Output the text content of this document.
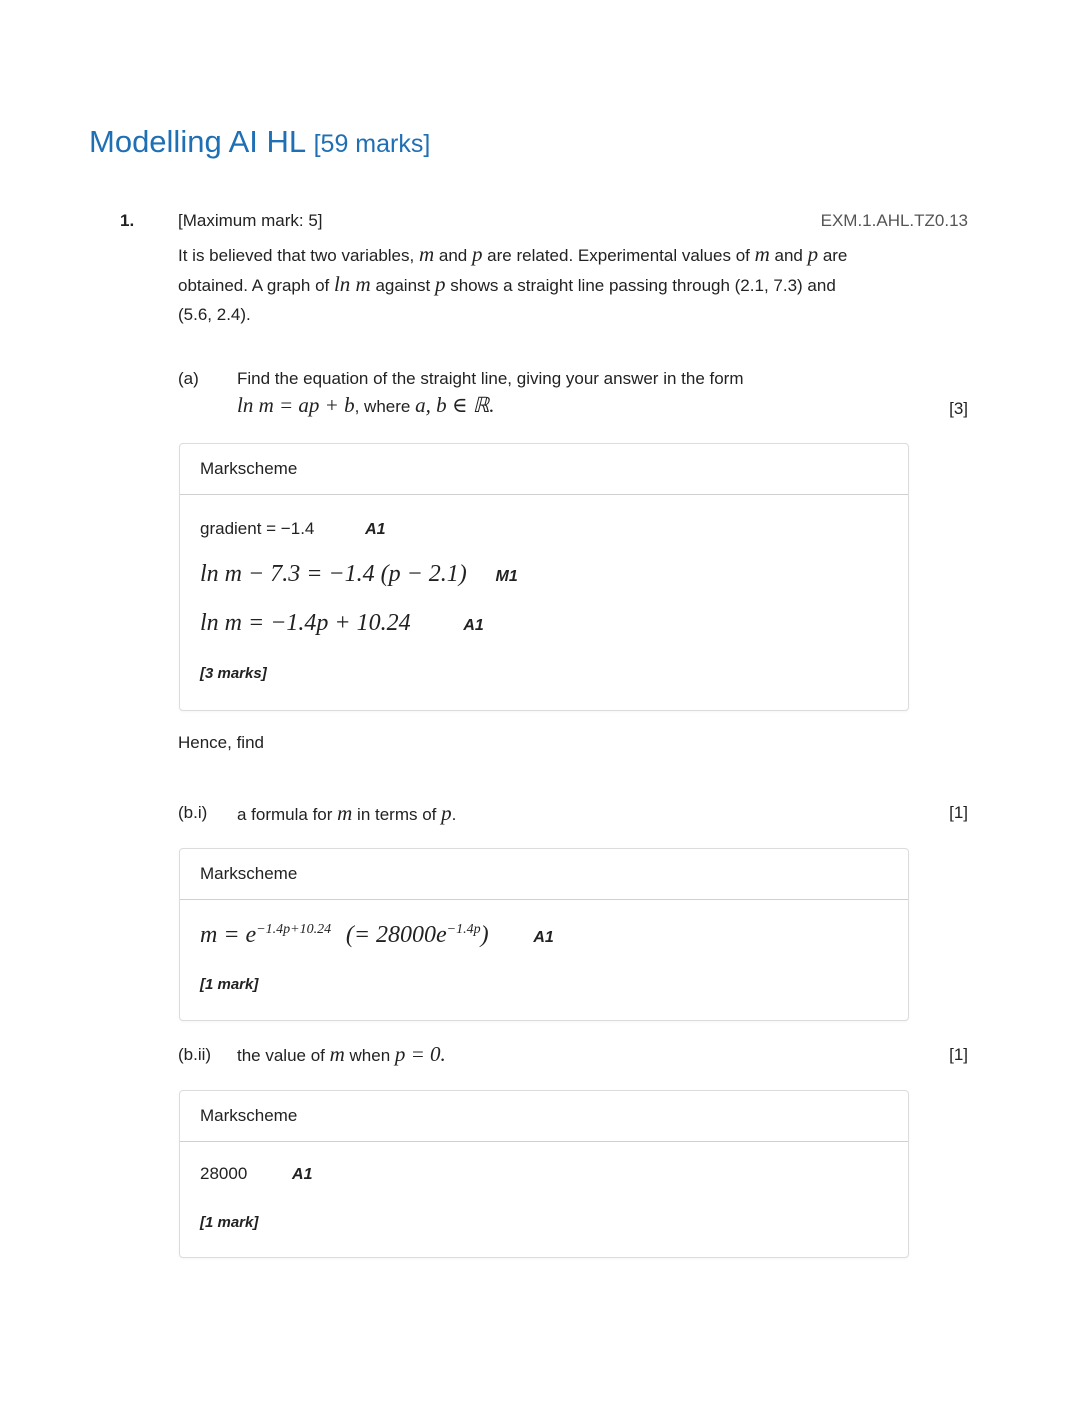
Modelling AI HL [59 marks]
1.	[Maximum mark: 5]	EXM.1.AHL.TZ0.13
It is believed that two variables, m and p are related. Experimental values of m and p are
obtained. A graph of ln m against p shows a straight line passing through (2.1, 7.3) and
(5.6, 2.4).
(a) Find the equation of the straight line, giving your answer in the form
ln m = ap + b, where a, b ∈ ℝ.	[3]
Markscheme
gradient = −1.4	A1
ln m − 7.3 = −1.4 (p − 2.1) M1
ln m = −1.4p + 10.24	A1
[3 marks]
Hence, find
(b.i) a formula for m in terms of p.	[1]
Markscheme
$m = e^{-1.4p+10.24}$ (= $28000e^{-1.4p}$)	A1
[1 mark]
(b.ii) the value of m when p = 0.	[1]
Markscheme
28000	A1
[1 mark]
